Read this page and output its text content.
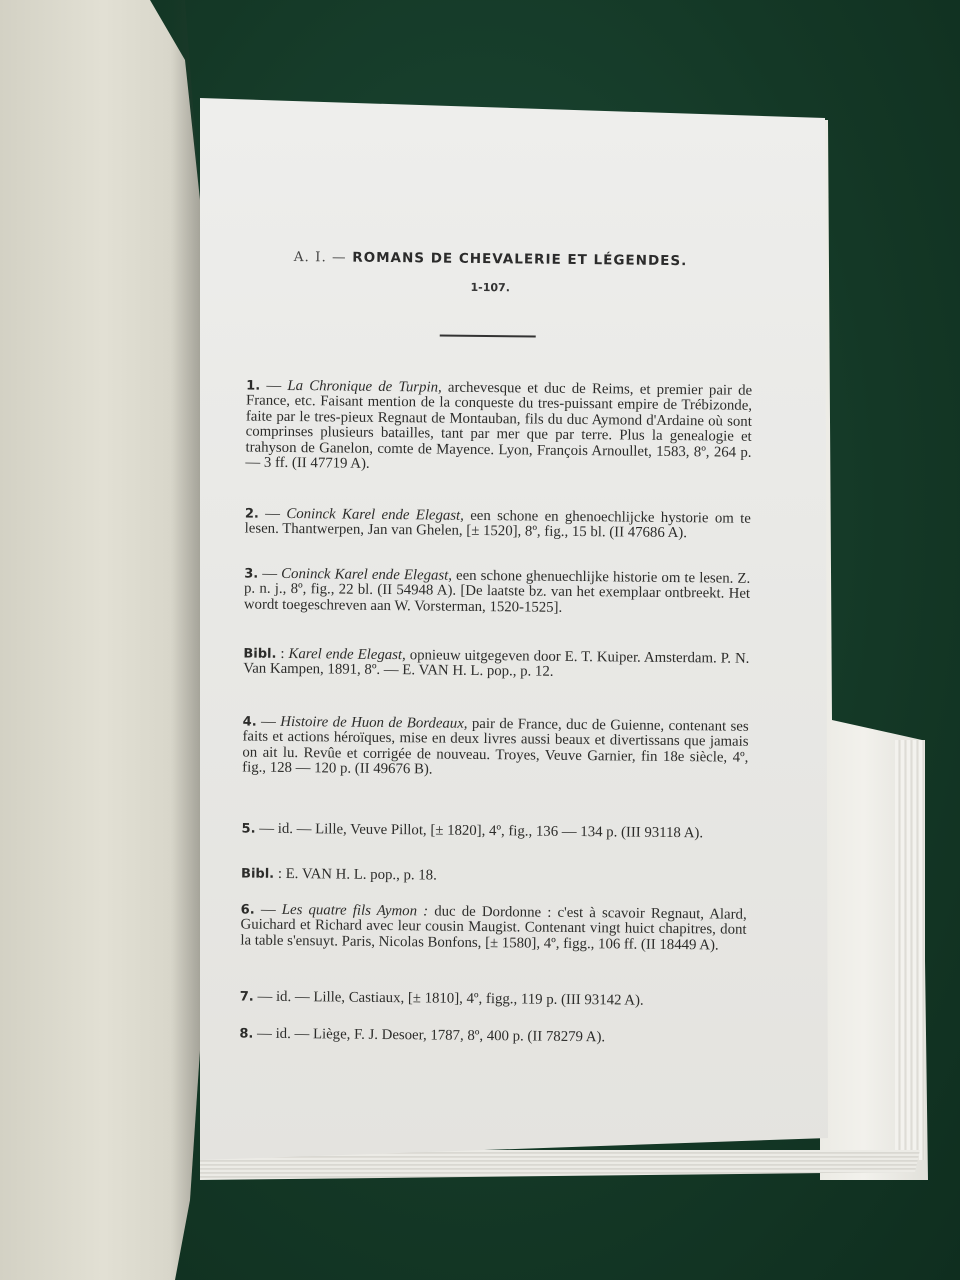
A. I. — ROMANS DE CHEVALERIE ET LÉGENDES.
1-107.
1. — La Chronique de Turpin, archevesque et duc de Reims, et premier pair de France, etc. Faisant mention de la conqueste du tres-puissant empire de Trébizonde, faite par le tres-pieux Regnaut de Montauban, fils du duc Aymond d'Ardaine où sont comprinses plusieurs batailles, tant par mer que par terre. Plus la genealogie et trahyson de Ganelon, comte de Mayence. Lyon, François Arnoullet, 1583, 8º, 264 p. — 3 ff. (II 47719 A).
2. — Coninck Karel ende Elegast, een schone en ghenoechlijcke hystorie om te lesen. Thantwerpen, Jan van Ghelen, [± 1520], 8º, fig., 15 bl. (II 47686 A).
3. — Coninck Karel ende Elegast, een schone ghenuechlijke historie om te lesen. Z. p. n. j., 8º, fig., 22 bl. (II 54948 A). [De laatste bz. van het exemplaar ontbreekt. Het wordt toegeschreven aan W. Vorsterman, 1520-1525].
Bibl. : Karel ende Elegast, opnieuw uitgegeven door E. T. Kuiper. Amsterdam. P. N. Van Kampen, 1891, 8º. — E. VAN H. L. pop., p. 12.
4. — Histoire de Huon de Bordeaux, pair de France, duc de Guienne, contenant ses faits et actions héroïques, mise en deux livres aussi beaux et divertissans que jamais on ait lu. Revûe et corrigée de nouveau. Troyes, Veuve Garnier, fin 18e siècle, 4º, fig., 128 — 120 p. (II 49676 B).
5. — id. — Lille, Veuve Pillot, [± 1820], 4º, fig., 136 — 134 p. (III 93118 A).
Bibl. : E. VAN H. L. pop., p. 18.
6. — Les quatre fils Aymon : duc de Dordonne : c'est à scavoir Regnaut, Alard, Guichard et Richard avec leur cousin Maugist. Contenant vingt huict chapitres, dont la table s'ensuyt. Paris, Nicolas Bonfons, [± 1580], 4º, figg., 106 ff. (II 18449 A).
7. — id. — Lille, Castiaux, [± 1810], 4º, figg., 119 p. (III 93142 A).
8. — id. — Liège, F. J. Desoer, 1787, 8º, 400 p. (II 78279 A).
